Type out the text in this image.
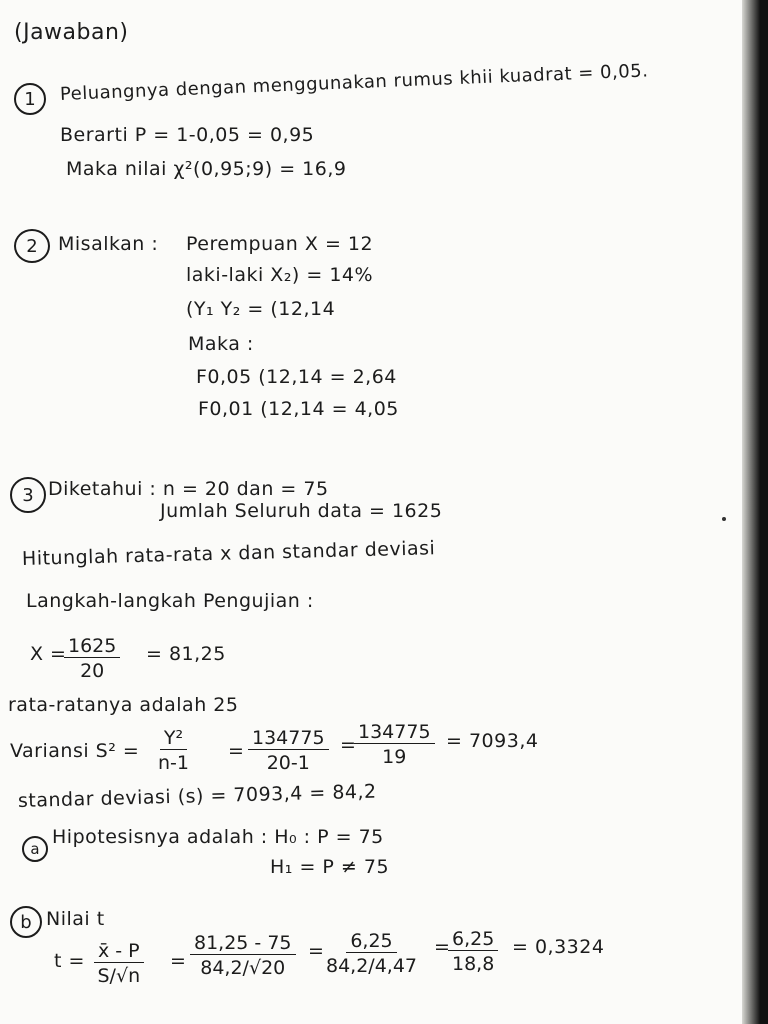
(Jawaban)
1	Peluangnya dengan menggunakan rumus khii kuadrat = 0,05.
Berarti P = 1-0,05 = 0,95
Maka nilai χ²(0,95;9) = 16,9
2	Misalkan : Perempuan X = 12
laki-laki X₂) = 14%
(Y₁ Y₂ = (12,14
Maka :
F0,05 (12,14 = 2,64
F0,01 (12,14 = 4,05
3 Diketahui : n = 20 dan = 75
Jumlah Seluruh data = 1625
Hitunglah rata-rata x dan standar deviasi
Langkah-langkah Pengujian :
X =
$\frac{1625}{20} = 81,25$
rata-ratanya adalah 25
Variansi $S^2 = \frac{\text{Y²}}{n-1} = \frac{134775}{20-1}$ =
$\frac{134775}{19} = 7093,4$
standar deviasi (s) = 7093,4 = 84,2
a
Hipotesisnya adalah : H₀ : P = 75
H₁ = P ≠ 75
b Nilai t
$t = \frac{x̄ - P}{S/√n} = \frac{81,25 - 75}{84,2/√20} = \frac{6,25}{84,2/4,47}$ =
$\frac{6,25}{18,8} = 0,3324$
